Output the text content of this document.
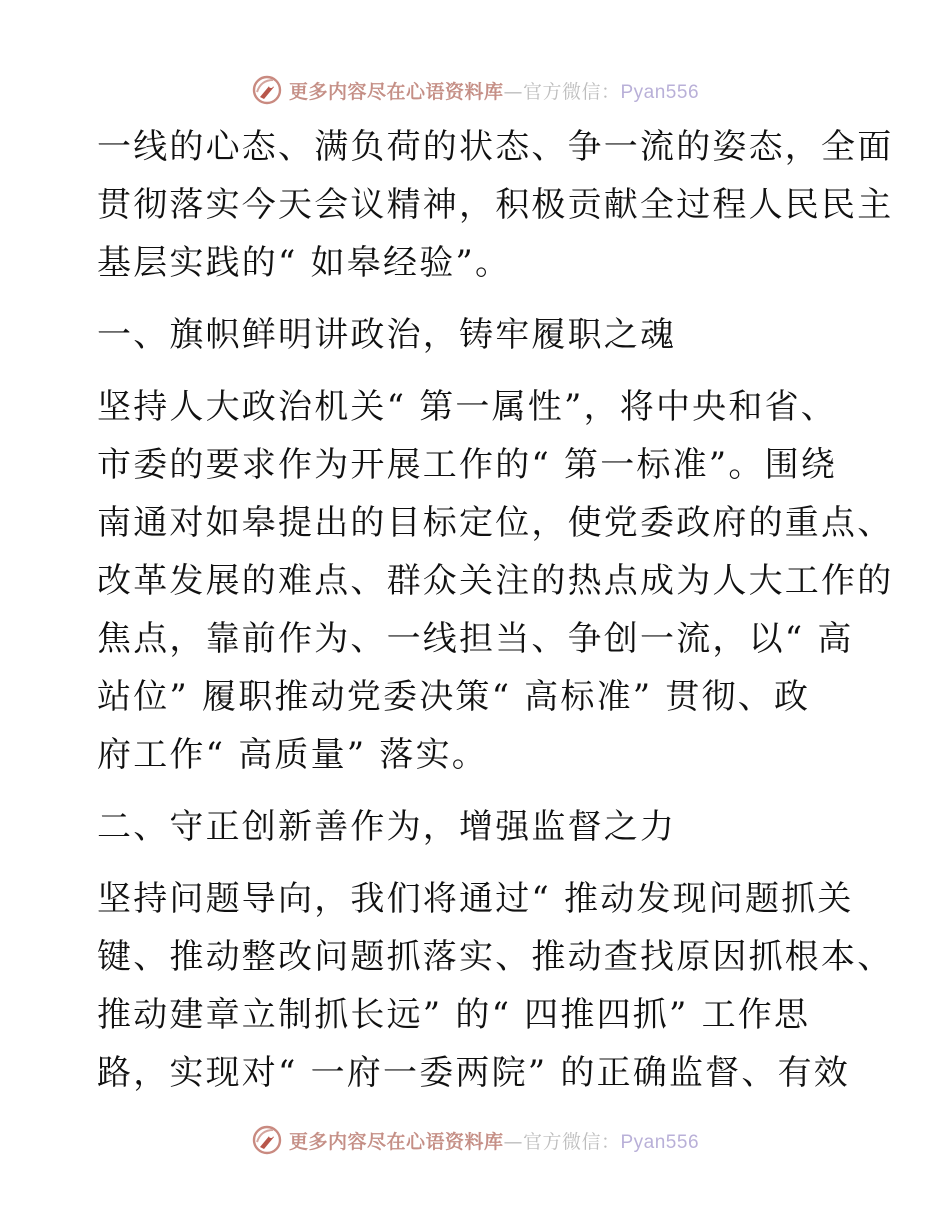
更多内容尽在心语资料库—官方微信：Pyan556
一线的心态、满负荷的状态、争一流的姿态，全面
贯彻落实今天会议精神，积极贡献全过程人民民主
基层实践的“ 如皋经验”。
一、旗帜鲜明讲政治，铸牢履职之魂
坚持人大政治机关“ 第一属性”，将中央和省、
市委的要求作为开展工作的“ 第一标准”。围绕
南通对如皋提出的目标定位，使党委政府的重点、
改革发展的难点、群众关注的热点成为人大工作的
焦点，靠前作为、一线担当、争创一流，以“ 高
站位” 履职推动党委决策“ 高标准” 贯彻、政
府工作“ 高质量” 落实。
二、守正创新善作为，增强监督之力
坚持问题导向，我们将通过“ 推动发现问题抓关
键、推动整改问题抓落实、推动查找原因抓根本、
推动建章立制抓长远” 的“ 四推四抓” 工作思
路，实现对“ 一府一委两院” 的正确监督、有效
更多内容尽在心语资料库—官方微信：Pyan556
